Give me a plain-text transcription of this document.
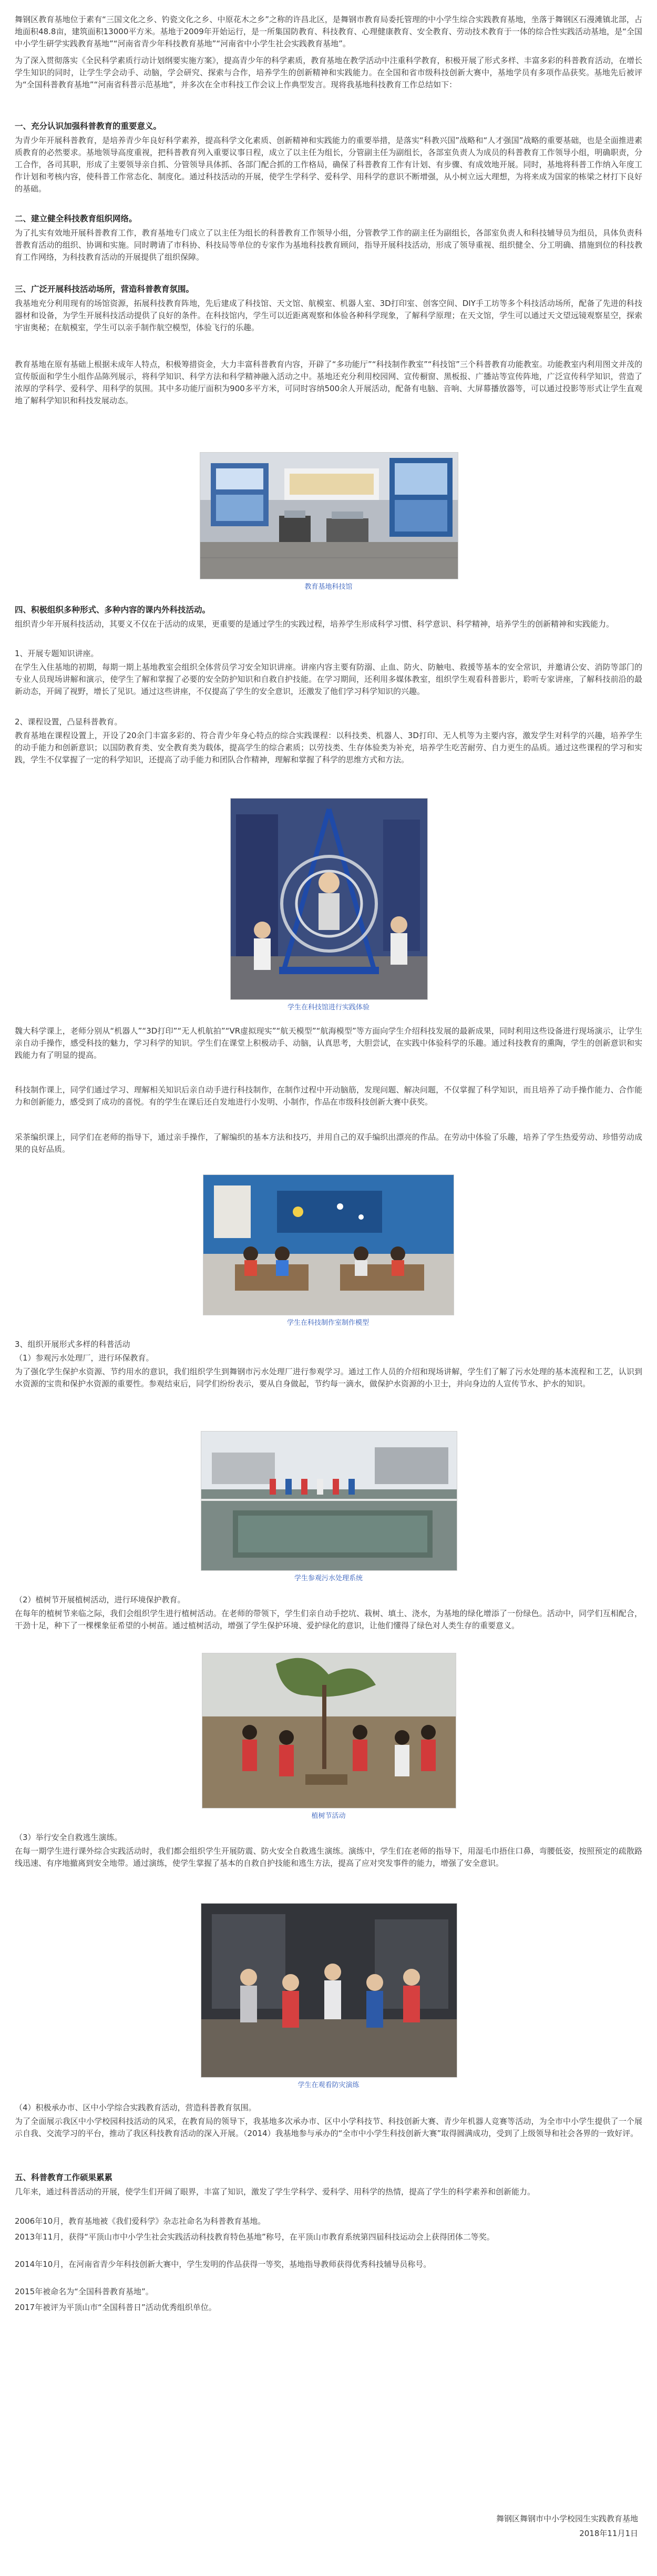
舞钢区教育基地位于素有“三国文化之乡、钓瓷文化之乡、中原花木之乡”之称的许昌北区，是舞钢市教育局委托管理的中小学生综合实践教育基地，坐落于舞钢区石漫滩镇北部，占地面积48.8亩，建筑面积13000平方米。基地于2009年开始运行，是一所集国防教育、科技教育、心理健康教育、安全教育、劳动技术教育于一体的综合性实践活动基地，是“全国中小学生研学实践教育基地”“河南省青少年科技教育基地”“河南省中小学生社会实践教育基地”。

为了深入贯彻落实《全民科学素质行动计划纲要实施方案》，提高青少年的科学素质，教育基地在教学活动中注重科学教育，积极开展了形式多样、丰富多彩的科普教育活动，在增长学生知识的同时，让学生学会动手、动脑，学会研究、探索与合作，培养学生的创新精神和实践能力。在全国和省市级科技创新大赛中，基地学员有多项作品获奖。基地先后被评为“全国科普教育基地”“河南省科普示范基地”，并多次在全市科技工作会议上作典型发言。现将我基地科技教育工作总结如下：

一、充分认识加强科普教育的重要意义。

为青少年开展科普教育，是培养青少年良好科学素养，提高科学文化素质、创新精神和实践能力的重要举措，是落实“科教兴国”战略和“人才强国”战略的重要基础，也是全面推进素质教育的必然要求。基地领导高度重视，把科普教育列入重要议事日程，成立了以主任为组长，分管副主任为副组长，各部室负责人为成员的科普教育工作领导小组，明确职责，分工合作，各司其职，形成了主要领导亲自抓、分管领导具体抓、各部门配合抓的工作格局，确保了科普教育工作有计划、有步骤、有成效地开展。同时，基地将科普工作纳入年度工作计划和考核内容，使科普工作常态化、制度化。通过科技活动的开展，使学生学科学、爱科学、用科学的意识不断增强，从小树立远大理想，为将来成为国家的栋梁之材打下良好的基础。

二、建立健全科技教育组织网络。

为了扎实有效地开展科普教育工作，教育基地专门成立了以主任为组长的科普教育工作领导小组，分管教学工作的副主任为副组长，各部室负责人和科技辅导员为组员，具体负责科普教育活动的组织、协调和实施。同时聘请了市科协、科技局等单位的专家作为基地科技教育顾问，指导开展科技活动，形成了领导重视、组织健全、分工明确、措施到位的科技教育工作网络，为科技教育活动的开展提供了组织保障。

三、广泛开展科技活动场所，营造科普教育氛围。

我基地充分利用现有的场馆资源，拓展科技教育阵地，先后建成了科技馆、天文馆、航模室、机器人室、3D打印室、创客空间、DIY手工坊等多个科技活动场所，配备了先进的科技器材和设备，为学生开展科技活动提供了良好的条件。在科技馆内，学生可以近距离观察和体验各种科学现象，了解科学原理；在天文馆，学生可以通过天文望远镜观察星空，探索宇宙奥秘；在航模室，学生可以亲手制作航空模型，体验飞行的乐趣。

教育基地在原有基础上根据未成年人特点，积极筹措资金，大力丰富科普教育内容，开辟了“多功能厅”“科技制作教室”“科技馆”三个科普教育功能教室。功能教室内利用图文并茂的宣传版面和学生小组作品陈列展示，将科学知识、科学方法和科学精神融入活动之中。基地还充分利用校园网、宣传橱窗、黑板报、广播站等宣传阵地，广泛宣传科学知识，营造了浓厚的学科学、爱科学、用科学的氛围。其中多功能厅面积为900多平方米，可同时容纳500余人开展活动，配备有电脑、音响、大屏幕播放器等，可以通过投影等形式让学生直观地了解科学知识和科技发展动态。

教育基地科技馆
四、积极组织多种形式、多种内容的课内外科技活动。

组织青少年开展科技活动，其要义不仅在于活动的成果，更重要的是通过学生的实践过程，培养学生形成科学习惯、科学意识、科学精神，培养学生的创新精神和实践能力。

1、开展专题知识讲座。

在学生入住基地的初期，每期一期上基地教室会组织全体营员学习安全知识讲座。讲座内容主要有防溺、止血、防火、防触电、救援等基本的安全常识，并邀请公安、消防等部门的专业人员现场讲解和演示，使学生了解和掌握了必要的安全防护知识和自救自护技能。在学习期间，还利用多媒体教室，组织学生观看科普影片，聆听专家讲座，了解科技前沿的最新动态，开阔了视野，增长了见识。通过这些讲座，不仅提高了学生的安全意识，还激发了他们学习科学知识的兴趣。

2、课程设置，凸显科普教育。

教育基地在课程设置上，开设了20余门丰富多彩的、符合青少年身心特点的综合实践课程：以科技类、机器人、3D打印、无人机等为主要内容，激发学生对科学的兴趣，培养学生的动手能力和创新意识；以国防教育类、安全教育类为载体，提高学生的综合素质；以劳技类、生存体验类为补充，培养学生吃苦耐劳、自力更生的品质。通过这些课程的学习和实践，学生不仅掌握了一定的科学知识，还提高了动手能力和团队合作精神，理解和掌握了科学的思维方式和方法。

学生在科技馆进行实践体验

魏大科学课上，老师分别从“机器人”“3D打印”“无人机航拍”“VR虚拟现实”“航天模型”“航海模型”等方面向学生介绍科技发展的最新成果，同时利用这些设备进行现场演示，让学生亲自动手操作，感受科技的魅力，学习科学的知识。学生们在课堂上积极动手、动脑，认真思考，大胆尝试，在实践中体验科学的乐趣。通过科技教育的熏陶，学生的创新意识和实践能力有了明显的提高。

科技制作课上，同学们通过学习、理解相关知识后亲自动手进行科技制作，在制作过程中开动脑筋，发现问题、解决问题，不仅掌握了科学知识，而且培养了动手操作能力、合作能力和创新能力，感受到了成功的喜悦。有的学生在课后还自发地进行小发明、小制作，作品在市级科技创新大赛中获奖。

采茶编织课上，同学们在老师的指导下，通过亲手操作，了解编织的基本方法和技巧，并用自己的双手编织出漂亮的作品。在劳动中体验了乐趣，培养了学生热爱劳动、珍惜劳动成果的良好品质。

学生在科技制作室制作模型

3、组织开展形式多样的科普活动

（1）参观污水处理厂，进行环保教育。

为了强化学生保护水资源、节约用水的意识，我们组织学生到舞钢市污水处理厂进行参观学习。通过工作人员的介绍和现场讲解，学生们了解了污水处理的基本流程和工艺，认识到水资源的宝贵和保护水资源的重要性。参观结束后，同学们纷纷表示，要从自身做起，节约每一滴水，做保护水资源的小卫士，并向身边的人宣传节水、护水的知识。

学生参观污水处理系统

（2）植树节开展植树活动，进行环境保护教育。

在每年的植树节来临之际，我们会组织学生进行植树活动。在老师的带领下，学生们亲自动手挖坑、栽树、填土、浇水，为基地的绿化增添了一份绿色。活动中，同学们互相配合，干劲十足，种下了一棵棵象征希望的小树苗。通过植树活动，增强了学生保护环境、爱护绿化的意识，让他们懂得了绿色对人类生存的重要意义。

植树节活动

（3）举行安全自救逃生演练。

在每一期学生进行课外综合实践活动时，我们都会组织学生开展防震、防火安全自救逃生演练。演练中，学生们在老师的指导下，用湿毛巾捂住口鼻，弯腰低姿，按照预定的疏散路线迅速、有序地撤离到安全地带。通过演练，使学生掌握了基本的自救自护技能和逃生方法，提高了应对突发事件的能力，增强了安全意识。

学生在观看防灾演练

（4）积极承办市、区中小学综合实践教育活动，营造科普教育氛围。

为了全面展示我区中小学校园科技活动的风采，在教育局的领导下，我基地多次承办市、区中小学科技节、科技创新大赛、青少年机器人竞赛等活动，为全市中小学生提供了一个展示自我、交流学习的平台，推动了我区科技教育活动的深入开展。（2014）我基地参与承办的“全市中小学生科技创新大赛”取得圆满成功，受到了上级领导和社会各界的一致好评。

五、科普教育工作硕果累累

几年来，通过科普活动的开展，使学生们开阔了眼界，丰富了知识，激发了学生学科学、爱科学、用科学的热情，提高了学生的科学素养和创新能力。

2006年10月，教育基地被《我们爱科学》杂志社命名为科普教育基地。

2013年11月，获得“平顶山市中小学生社会实践活动科技教育特色基地”称号，在平顶山市教育系统第四届科技运动会上获得团体二等奖。

2014年10月，在河南省青少年科技创新大赛中，学生发明的作品获得一等奖，基地指导教师获得优秀科技辅导员称号。

2015年被命名为“全国科普教育基地”。

2017年被评为平顶山市“全国科普日”活动优秀组织单位。

舞钢区舞钢市中小学校园生实践教育基地
2018年11月1日
